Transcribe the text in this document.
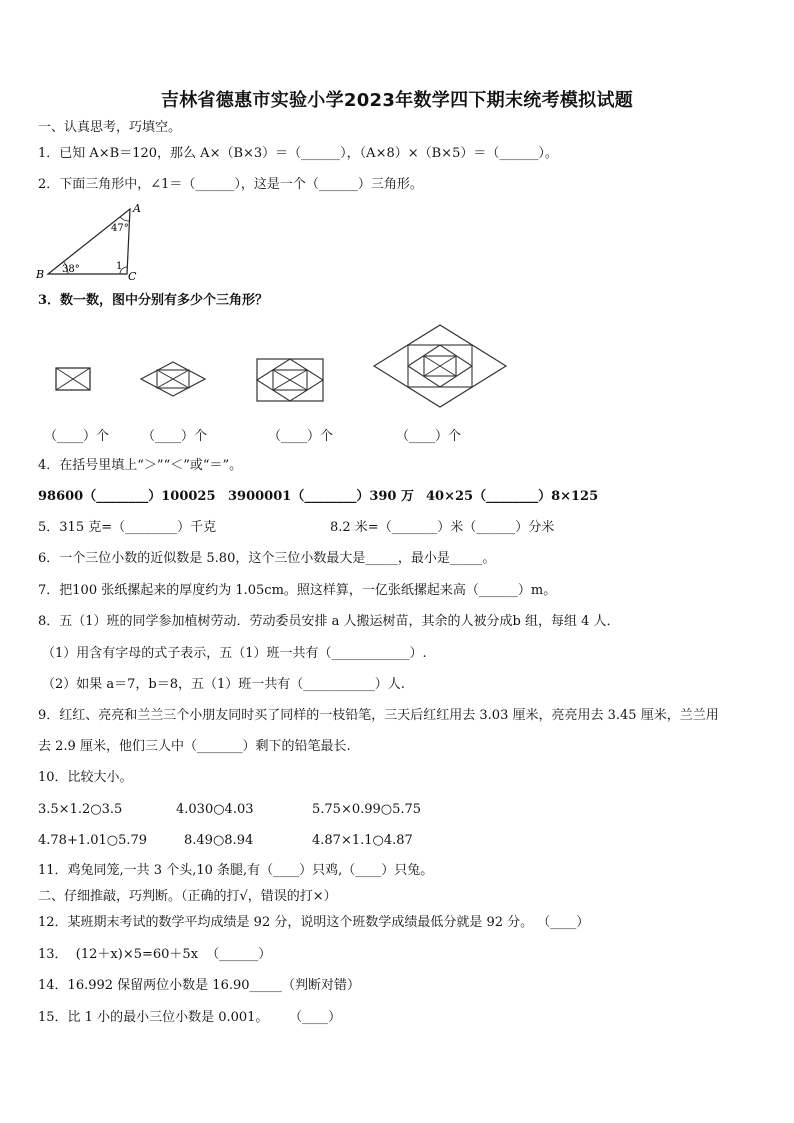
吉林省德惠市实验小学2023年数学四下期末统考模拟试题
一、认真思考，巧填空。
1．已知 A×B＝120，那么 A×（B×3）＝（______），（A×8）×（B×5）＝（______）。
2．下面三角形中，∠1＝（______），这是一个（______）三角形。
A
B	C
47°
38°	1
3．数一数，图中分别有多少个三角形？
（____）个	（____）个	（____）个	（____）个
4．在括号里填上“＞”“＜”或“＝”。
98600（________）100025 3900001（________）390 万 40×25（________）8×125
5．315 克=（________）千克	8.2 米=（_______）米（______）分米
6．一个三位小数的近似数是 5.80，这个三位小数最大是_____，最小是_____。
7．把100 张纸摞起来的厚度约为 1.05cm。照这样算，一亿张纸摞起来高（______）m。
8．五（1）班的同学参加植树劳动．劳动委员安排 a 人搬运树苗，其余的人被分成b 组，每组 4 人．
（1）用含有字母的式子表示，五（1）班一共有（____________）.
（2）如果 a＝7，b＝8，五（1）班一共有（___________）人.
9．红红、亮亮和兰兰三个小朋友同时买了同样的一枝铅笔，三天后红红用去 3.03 厘米，亮亮用去 3.45 厘米，兰兰用
去 2.9 厘米，他们三人中（_______）剩下的铅笔最长.
10．比较大小。
3.5×1.2○3.5	4.030○4.03	5.75×0.99○5.75
4.78+1.01○5.79	8.49○8.94	4.87×1.1○4.87
11．鸡兔同笼,一共 3 个头,10 条腿,有（____）只鸡,（____）只兔。
二、仔细推敲，巧判断。（正确的打√，错误的打×）
12．某班期末考试的数学平均成绩是 92 分，说明这个班数学成绩最低分就是 92 分。 （____）
13．  (12＋x)×5=60＋5x  （______）
14．16.992 保留两位小数是 16.90_____（判断对错）
15．比 1 小的最小三位小数是 0.001。     （____）
